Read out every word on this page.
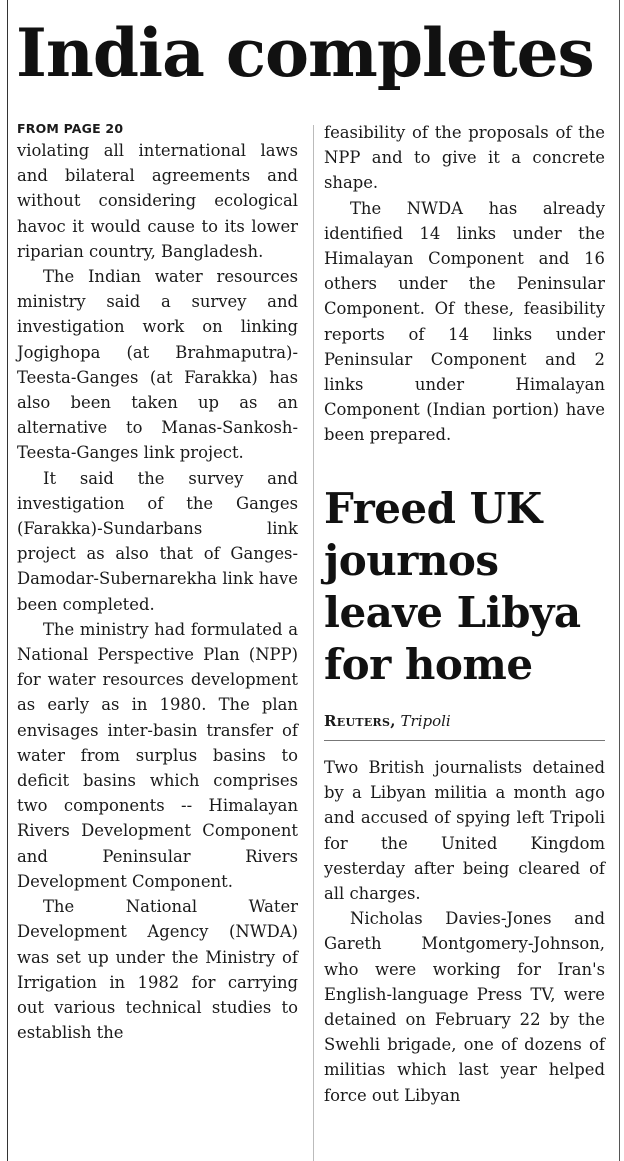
India completes
FROM PAGE 20

violating all international laws and bilateral agreements and without considering ecological havoc it would cause to its lower riparian country, Bangladesh.

The Indian water resources ministry said a survey and investigation work on linking Jogighopa (at Brahmaputra)-Teesta-Ganges (at Farakka) has also been taken up as an alternative to Manas-Sankosh-Teesta-Ganges link project.

It said the survey and investigation of the Ganges (Farakka)-Sundarbans link project as also that of Ganges-Damodar-Subernarekha link have been completed.

The ministry had formulated a National Perspective Plan (NPP) for water resources development as early as in 1980. The plan envisages inter-basin transfer of water from surplus basins to deficit basins which comprises two components -- Himalayan Rivers Development Component and Peninsular Rivers Development Component.

The National Water Development Agency (NWDA) was set up under the Ministry of Irrigation in 1982 for carrying out various technical studies to establish the

feasibility of the proposals of the NPP and to give it a concrete shape.

The NWDA has already identified 14 links under the Himalayan Component and 16 others under the Peninsular Component. Of these, feasibility reports of 14 links under Peninsular Component and 2 links under Himalayan Component (Indian portion) have been prepared.

Freed UK journos leave Libya for home
Reuters, Tripoli

Two British journalists detained by a Libyan militia a month ago and accused of spying left Tripoli for the United Kingdom yesterday after being cleared of all charges.

Nicholas Davies-Jones and Gareth Montgomery-Johnson, who were working for Iran's English-language Press TV, were detained on February 22 by the Swehli brigade, one of dozens of militias which last year helped force out Libyan
